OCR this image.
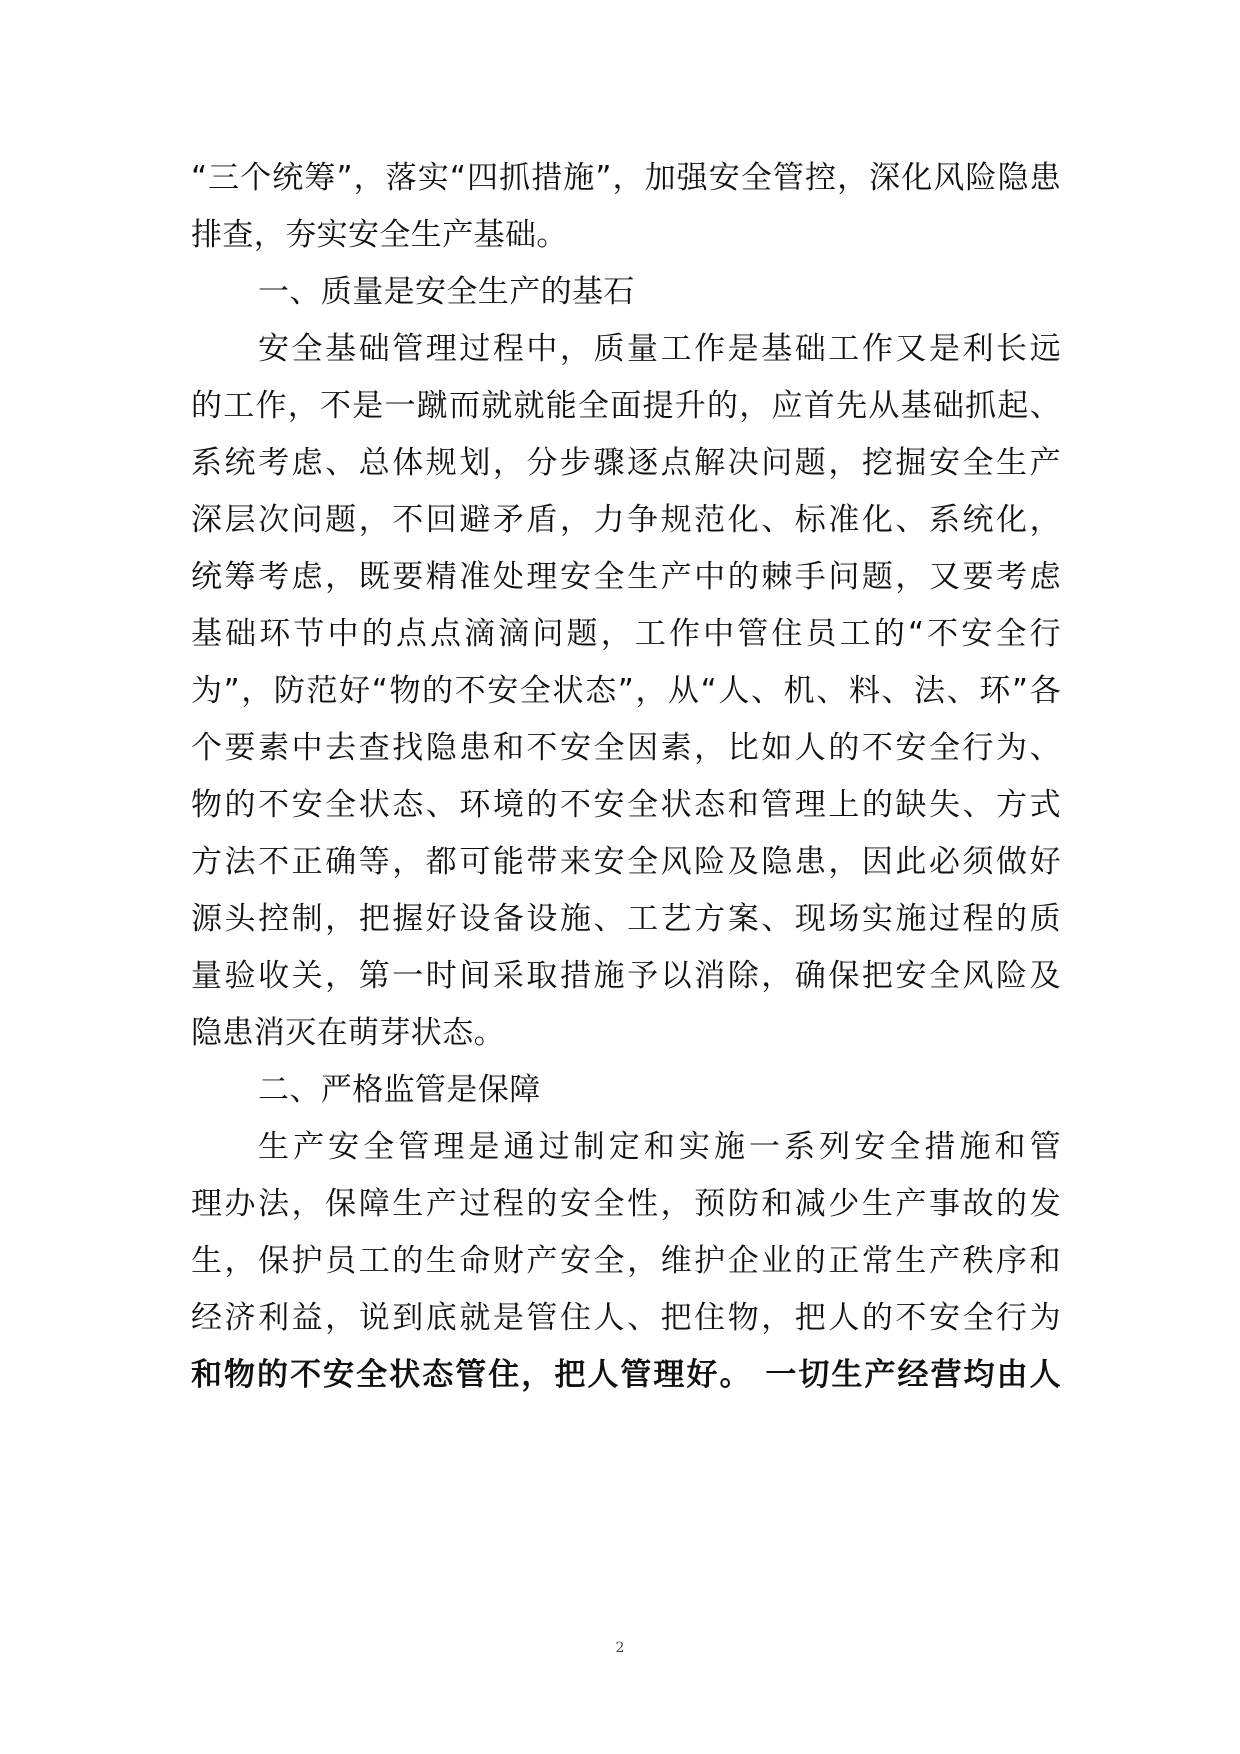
“三个统筹”，落实“四抓措施”，加强安全管控，深化风险隐患
排查，夯实安全生产基础。
一、质量是安全生产的基石
安全基础管理过程中，质量工作是基础工作又是利长远
的工作，不是一蹴而就就能全面提升的，应首先从基础抓起、
系统考虑、总体规划，分步骤逐点解决问题，挖掘安全生产
深层次问题，不回避矛盾，力争规范化、标准化、系统化，
统筹考虑，既要精准处理安全生产中的棘手问题，又要考虑
基础环节中的点点滴滴问题，工作中管住员工的“不安全行
为”，防范好“物的不安全状态”，从“人、机、料、法、环”各
个要素中去查找隐患和不安全因素，比如人的不安全行为、
物的不安全状态、环境的不安全状态和管理上的缺失、方式
方法不正确等，都可能带来安全风险及隐患，因此必须做好
源头控制，把握好设备设施、工艺方案、现场实施过程的质
量验收关，第一时间采取措施予以消除，确保把安全风险及
隐患消灭在萌芽状态。
二、严格监管是保障
生产安全管理是通过制定和实施一系列安全措施和管
理办法，保障生产过程的安全性，预防和减少生产事故的发
生，保护员工的生命财产安全，维护企业的正常生产秩序和
经济利益，说到底就是管住人、把住物，把人的不安全行为
和物的不安全状态管住，把人管理好。 一切生产经营均由人
2
